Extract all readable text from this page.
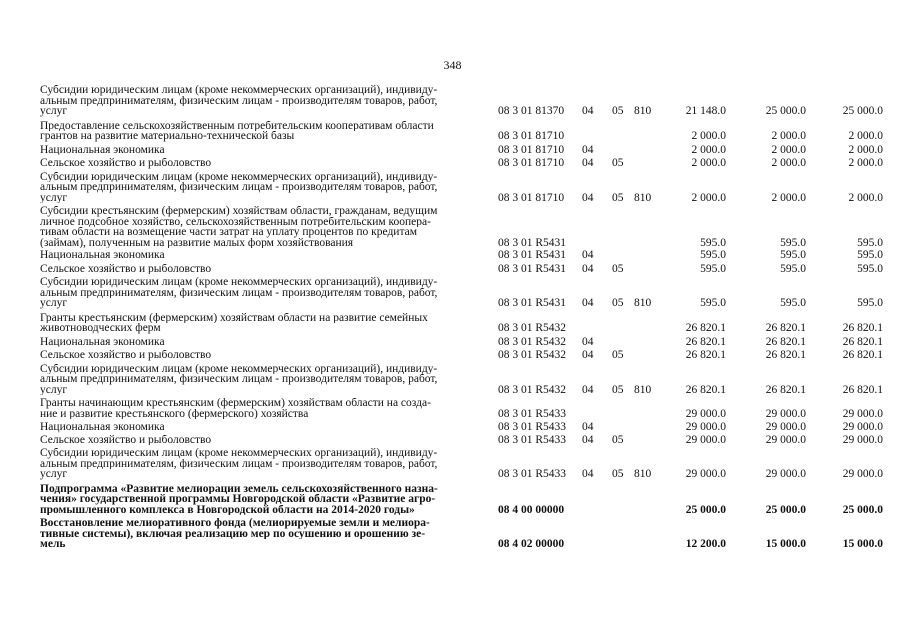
348
Субсидии юридическим лицам (кроме некоммерческих организаций), индивиду-
альным предпринимателям, физическим лицам - производителям товаров, работ,
услуг	08 3 01 81370 04 05 810	21 148.0	25 000.0	25 000.0
Предоставление сельскохозяйственным потребительским кооперативам области
грантов на развитие материально-технической базы	08 3 01 81710	2 000.0	2 000.0	2 000.0
Национальная экономика	08 3 01 81710 04	2 000.0	2 000.0	2 000.0
Сельское хозяйство и рыболовство	08 3 01 81710 04 05	2 000.0	2 000.0	2 000.0
Субсидии юридическим лицам (кроме некоммерческих организаций), индивиду-
альным предпринимателям, физическим лицам - производителям товаров, работ,
услуг	08 3 01 81710 04 05 810	2 000.0	2 000.0	2 000.0
Субсидии крестьянским (фермерским) хозяйствам области, гражданам, ведущим
личное подсобное хозяйство, сельскохозяйственным потребительским коопера-
тивам области на возмещение части затрат на уплату процентов по кредитам
(займам), полученным на развитие малых форм хозяйствования	08 3 01 R5431	595.0	595.0	595.0
Национальная экономика	08 3 01 R5431 04	595.0	595.0	595.0
Сельское хозяйство и рыболовство	08 3 01 R5431 04 05	595.0	595.0	595.0
Субсидии юридическим лицам (кроме некоммерческих организаций), индивиду-
альным предпринимателям, физическим лицам - производителям товаров, работ,
услуг	08 3 01 R5431 04 05 810	595.0	595.0	595.0
Гранты крестьянским (фермерским) хозяйствам области на развитие семейных
животноводческих ферм	08 3 01 R5432	26 820.1	26 820.1	26 820.1
Национальная экономика	08 3 01 R5432 04	26 820.1	26 820.1	26 820.1
Сельское хозяйство и рыболовство	08 3 01 R5432 04 05	26 820.1	26 820.1	26 820.1
Субсидии юридическим лицам (кроме некоммерческих организаций), индивиду-
альным предпринимателям, физическим лицам - производителям товаров, работ,
услуг	08 3 01 R5432 04 05 810	26 820.1	26 820.1	26 820.1
Гранты начинающим крестьянским (фермерским) хозяйствам области на созда-
ние и развитие крестьянского (фермерского) хозяйства	08 3 01 R5433	29 000.0	29 000.0	29 000.0
Национальная экономика	08 3 01 R5433 04	29 000.0	29 000.0	29 000.0
Сельское хозяйство и рыболовство	08 3 01 R5433 04 05	29 000.0	29 000.0	29 000.0
Субсидии юридическим лицам (кроме некоммерческих организаций), индивиду-
альным предпринимателям, физическим лицам - производителям товаров, работ,
услуг	08 3 01 R5433 04 05 810	29 000.0	29 000.0	29 000.0
Подпрограмма «Развитие мелиорации земель сельскохозяйственного назна-
чения» государственной программы Новгородской области «Развитие агро-
промышленного комплекса в Новгородской области на 2014-2020 годы»	08 4 00 00000	25 000.0	25 000.0	25 000.0
Восстановление мелиоративного фонда (мелиорируемые земли и мелиора-
тивные системы), включая реализацию мер по осушению и орошению зе-
мель	08 4 02 00000	12 200.0	15 000.0	15 000.0
